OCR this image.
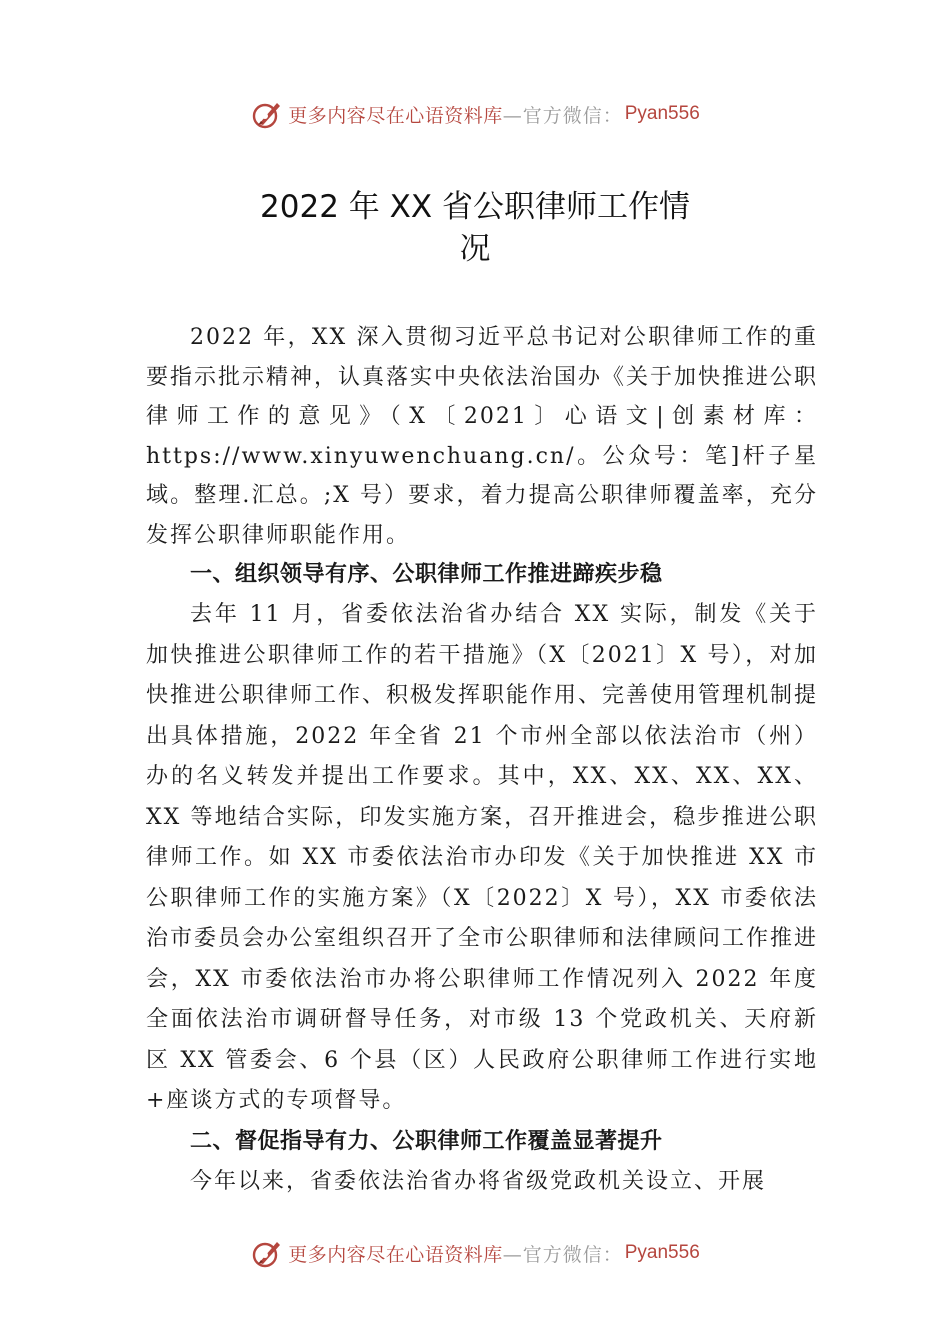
更多内容尽在心语资料库 —官方微信： Pyan556
2022 年 XX 省公职律师工作情
况

2022 年，XX 深入贯彻习近平总书记对公职律师工作的重要指示批示精神，认真落实中央依法治国办《关于加快推进公职律师工作的意见》（X〔2021〕心语文|创素材库：https://www.xinyuwenchuang.cn/。公众号：笔]杆子星域。整理.汇总。;X 号）要求，着力提高公职律师覆盖率，充分发挥公职律师职能作用。

一、组织领导有序、公职律师工作推进蹄疾步稳

去年 11 月，省委依法治省办结合 XX 实际，制发《关于加快推进公职律师工作的若干措施》（X〔2021〕X 号），对加快推进公职律师工作、积极发挥职能作用、完善使用管理机制提出具体措施，2022 年全省 21 个市州全部以依法治市（州）办的名义转发并提出工作要求。其中，XX、XX、XX、XX、XX 等地结合实际，印发实施方案，召开推进会，稳步推进公职律师工作。如 XX 市委依法治市办印发《关于加快推进 XX 市公职律师工作的实施方案》（X〔2022〕X 号），XX 市委依法治市委员会办公室组织召开了全市公职律师和法律顾问工作推进会，XX 市委依法治市办将公职律师工作情况列入 2022 年度全面依法治市调研督导任务，对市级 13 个党政机关、天府新区 XX 管委会、6 个县（区）人民政府公职律师工作进行实地+座谈方式的专项督导。

二、督促指导有力、公职律师工作覆盖显著提升

今年以来，省委依法治省办将省级党政机关设立、开展

更多内容尽在心语资料库 —官方微信： Pyan556
